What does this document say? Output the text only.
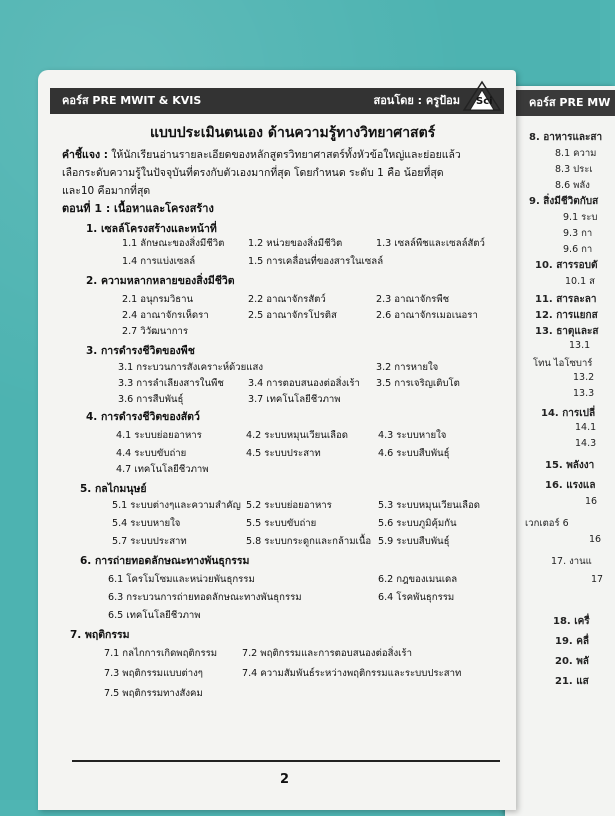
คอร์ส PRE MW
8. อาหารและสา
8.1 ความ
8.3 ประเ
8.6 พลัง
9. สิ่งมีชีวิตกับส
9.1 ระบ
9.3 กา
9.6 กา
10. สารรอบตั
10.1 ส
11. สารละลา
12. การแยกส
13. ธาตุและส
13.1
โทน ไอโซบาร์
13.2
13.3
14. การเปลี่
14.1
14.3
15. พลังงา
16. แรงแล
16
เวกเตอร์ 6
16
17. งานแ
17
18. เครื่
19. คลื่
20. พลั
21. แส
คอร์ส PRE MWIT & KVIS	สอนโดย : ครูป้อม Sci
แบบประเมินตนเอง ด้านความรู้ทางวิทยาศาสตร์
คำชี้แจง : ให้นักเรียนอ่านรายละเอียดของหลักสูตรวิทยาศาสตร์ทั้งหัวข้อใหญ่และย่อยแล้ว
เลือกระดับความรู้ในปัจจุบันที่ตรงกับตัวเองมากที่สุด โดยกำหนด ระดับ 1 คือ น้อยที่สุด
และ10 คือมากที่สุด
ตอนที่ 1 : เนื้อหาและโครงสร้าง
1. เซลล์โครงสร้างและหน้าที่
1.1 ลักษณะของสิ่งมีชีวิต 1.2 หน่วยของสิ่งมีชีวิต	1.3 เซลล์พืชและเซลล์สัตว์
1.4 การแบ่งเซลล์	1.5 การเคลื่อนที่ของสารในเซลล์
2. ความหลากหลายของสิ่งมีชีวิต
2.1 อนุกรมวิธาน	2.2 อาณาจักรสัตว์	2.3 อาณาจักรพืช
2.4 อาณาจักรเห็ดรา	2.5 อาณาจักรโปรติส	2.6 อาณาจักรเมอเนอรา
2.7 วิวัฒนาการ
3. การดำรงชีวิตของพืช
3.1 กระบวนการสังเคราะห์ด้วยแสง	3.2 การหายใจ
3.3 การลำเลียงสารในพืช	3.4 การตอบสนองต่อสิ่งเร้า 3.5 การเจริญเติบโต
3.6 การสืบพันธุ์	3.7 เทคโนโลยีชีวภาพ
4. การดำรงชีวิตของสัตว์
4.1 ระบบย่อยอาหาร	4.2 ระบบหมุนเวียนเลือด	4.3 ระบบหายใจ
4.4 ระบบขับถ่าย	4.5 ระบบประสาท	4.6 ระบบสืบพันธุ์
4.7 เทคโนโลยีชีวภาพ
5. กลไกมนุษย์
5.1 ระบบต่างๆและความสำคัญ 5.2 ระบบย่อยอาหาร	5.3 ระบบหมุนเวียนเลือด
5.4 ระบบหายใจ	5.5 ระบบขับถ่าย	5.6 ระบบภูมิคุ้มกัน
5.7 ระบบประสาท	5.8 ระบบกระดูกและกล้ามเนื้อ 5.9 ระบบสืบพันธุ์
6. การถ่ายทอดลักษณะทางพันธุกรรม
6.1 โครโมโซมและหน่วยพันธุกรรม	6.2 กฎของเมนเดล
6.3 กระบวนการถ่ายทอดลักษณะทางพันธุกรรม	6.4 โรคพันธุกรรม
6.5 เทคโนโลยีชีวภาพ
7. พฤติกรรม
7.1 กลไกการเกิดพฤติกรรม	7.2 พฤติกรรมและการตอบสนองต่อสิ่งเร้า
7.3 พฤติกรรมแบบต่างๆ	7.4 ความสัมพันธ์ระหว่างพฤติกรรมและระบบประสาท
7.5 พฤติกรรมทางสังคม
2
